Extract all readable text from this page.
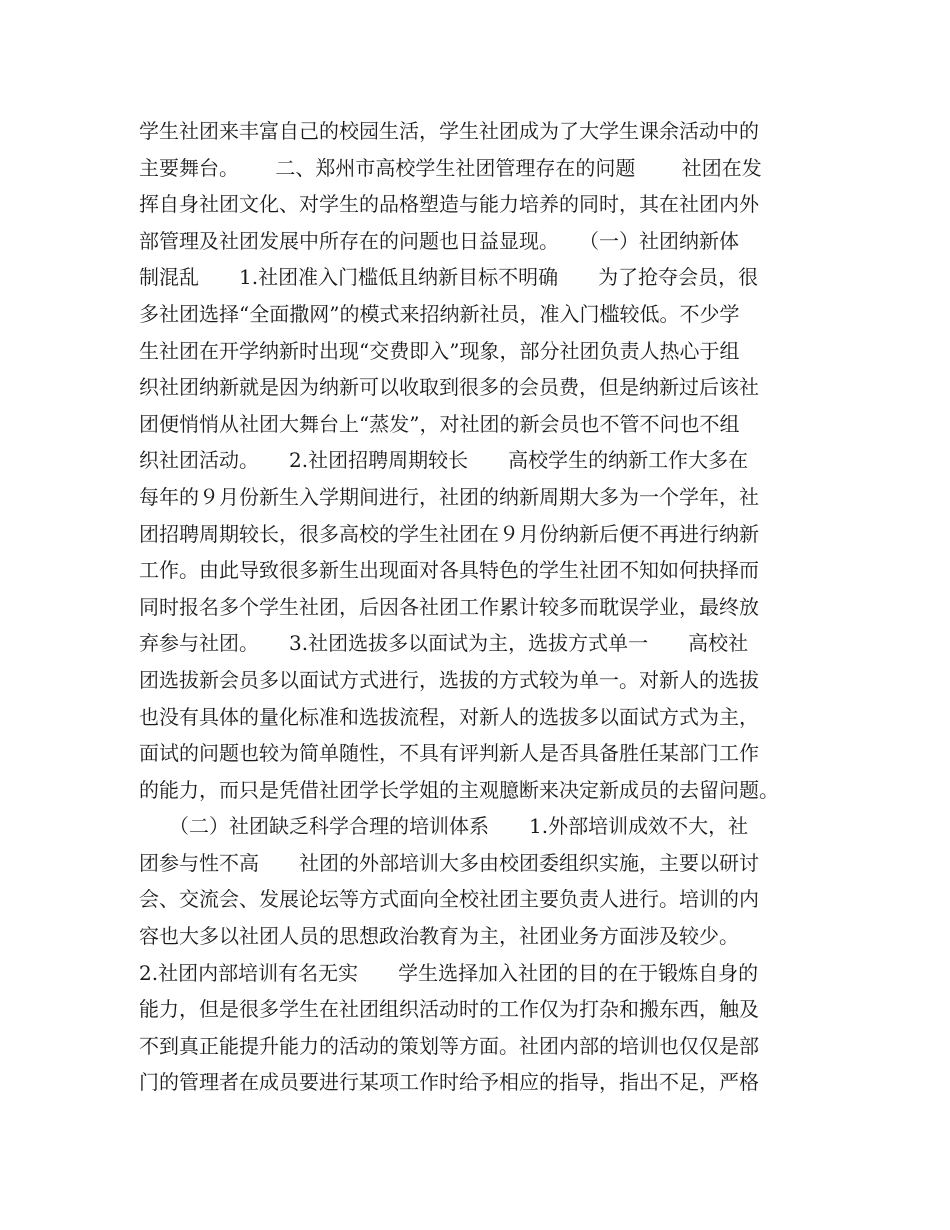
学生社团来丰富自己的校园生活，学生社团成为了大学生课余活动中的
主要舞台。　　 二、郑州市高校学生社团管理存在的问题　　 社团在发
挥自身社团文化、对学生的品格塑造与能力培养的同时，其在社团内外
部管理及社团发展中所存在的问题也日益显现。　　（一）社团纳新体
制混乱　　1.社团准入门槛低且纳新目标不明确　　为了抢夺会员，很
多社团选择“全面撒网”的模式来招纳新社员，准入门槛较低。不少学
生社团在开学纳新时出现“交费即入”现象，部分社团负责人热心于组
织社团纳新就是因为纳新可以收取到很多的会员费，但是纳新过后该社
团便悄悄从社团大舞台上“蒸发”，对社团的新会员也不管不问也不组
织社团活动。　　2.社团招聘周期较长　　高校学生的纳新工作大多在
每年的９月份新生入学期间进行，社团的纳新周期大多为一个学年，社
团招聘周期较长，很多高校的学生社团在９月份纳新后便不再进行纳新
工作。由此导致很多新生出现面对各具特色的学生社团不知如何抉择而
同时报名多个学生社团，后因各社团工作累计较多而耽误学业，最终放
弃参与社团。　　3.社团选拔多以面试为主，选拔方式单一　　高校社
团选拔新会员多以面试方式进行，选拔的方式较为单一。对新人的选拔
也没有具体的量化标准和选拔流程，对新人的选拔多以面试方式为主，
面试的问题也较为简单随性，不具有评判新人是否具备胜任某部门工作
的能力，而只是凭借社团学长学姐的主观臆断来决定新成员的去留问题。
　　（二）社团缺乏科学合理的培训体系　　1.外部培训成效不大，社
团参与性不高　　社团的外部培训大多由校团委组织实施，主要以研讨
会、交流会、发展论坛等方式面向全校社团主要负责人进行。培训的内
容也大多以社团人员的思想政治教育为主，社团业务方面涉及较少。
2.社团内部培训有名无实　　学生选择加入社团的目的在于锻炼自身的
能力，但是很多学生在社团组织活动时的工作仅为打杂和搬东西，触及
不到真正能提升能力的活动的策划等方面。社团内部的培训也仅仅是部
门的管理者在成员要进行某项工作时给予相应的指导，指出不足，严格
